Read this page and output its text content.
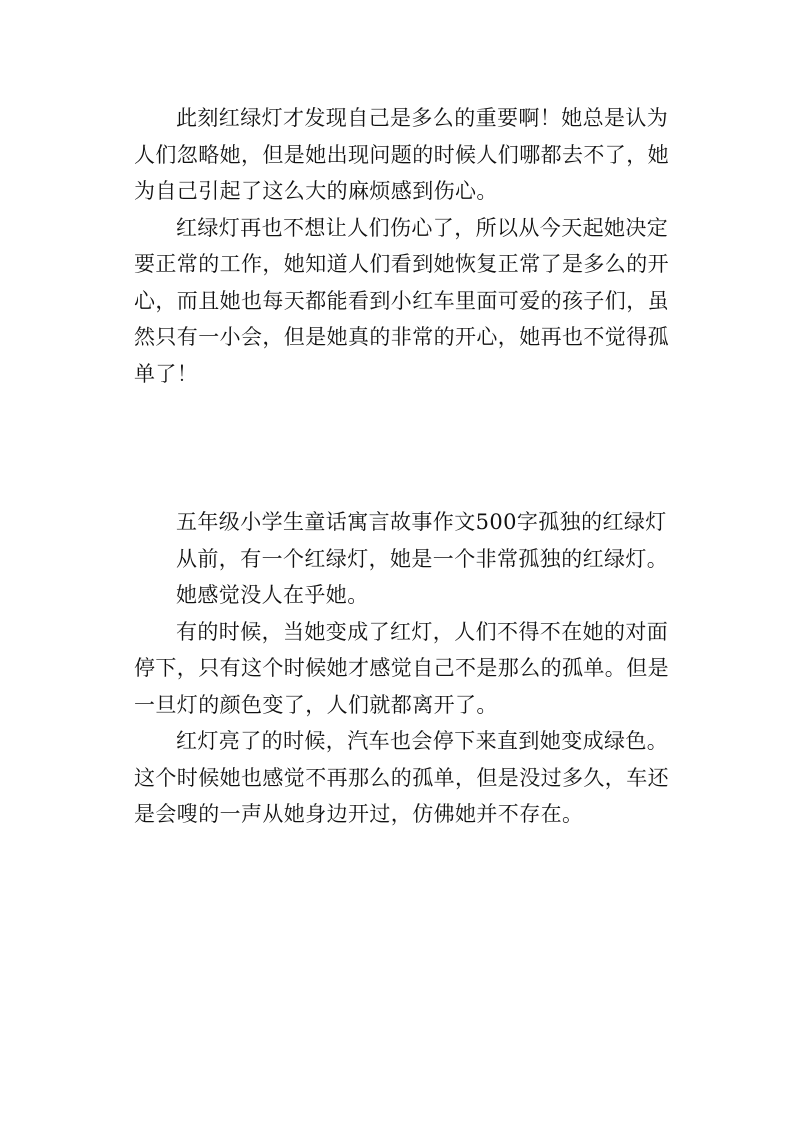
此刻红绿灯才发现自己是多么的重要啊！她总是认为人们忽略她，但是她出现问题的时候人们哪都去不了，她为自己引起了这么大的麻烦感到伤心。

红绿灯再也不想让人们伤心了，所以从今天起她决定要正常的工作，她知道人们看到她恢复正常了是多么的开心，而且她也每天都能看到小红车里面可爱的孩子们，虽然只有一小会，但是她真的非常的开心，她再也不觉得孤单了！

五年级小学生童话寓言故事作文500字孤独的红绿灯

从前，有一个红绿灯，她是一个非常孤独的红绿灯。

她感觉没人在乎她。

有的时候，当她变成了红灯，人们不得不在她的对面停下，只有这个时候她才感觉自己不是那么的孤单。但是一旦灯的颜色变了，人们就都离开了。

红灯亮了的时候，汽车也会停下来直到她变成绿色。这个时候她也感觉不再那么的孤单，但是没过多久，车还是会嗖的一声从她身边开过，仿佛她并不存在。
